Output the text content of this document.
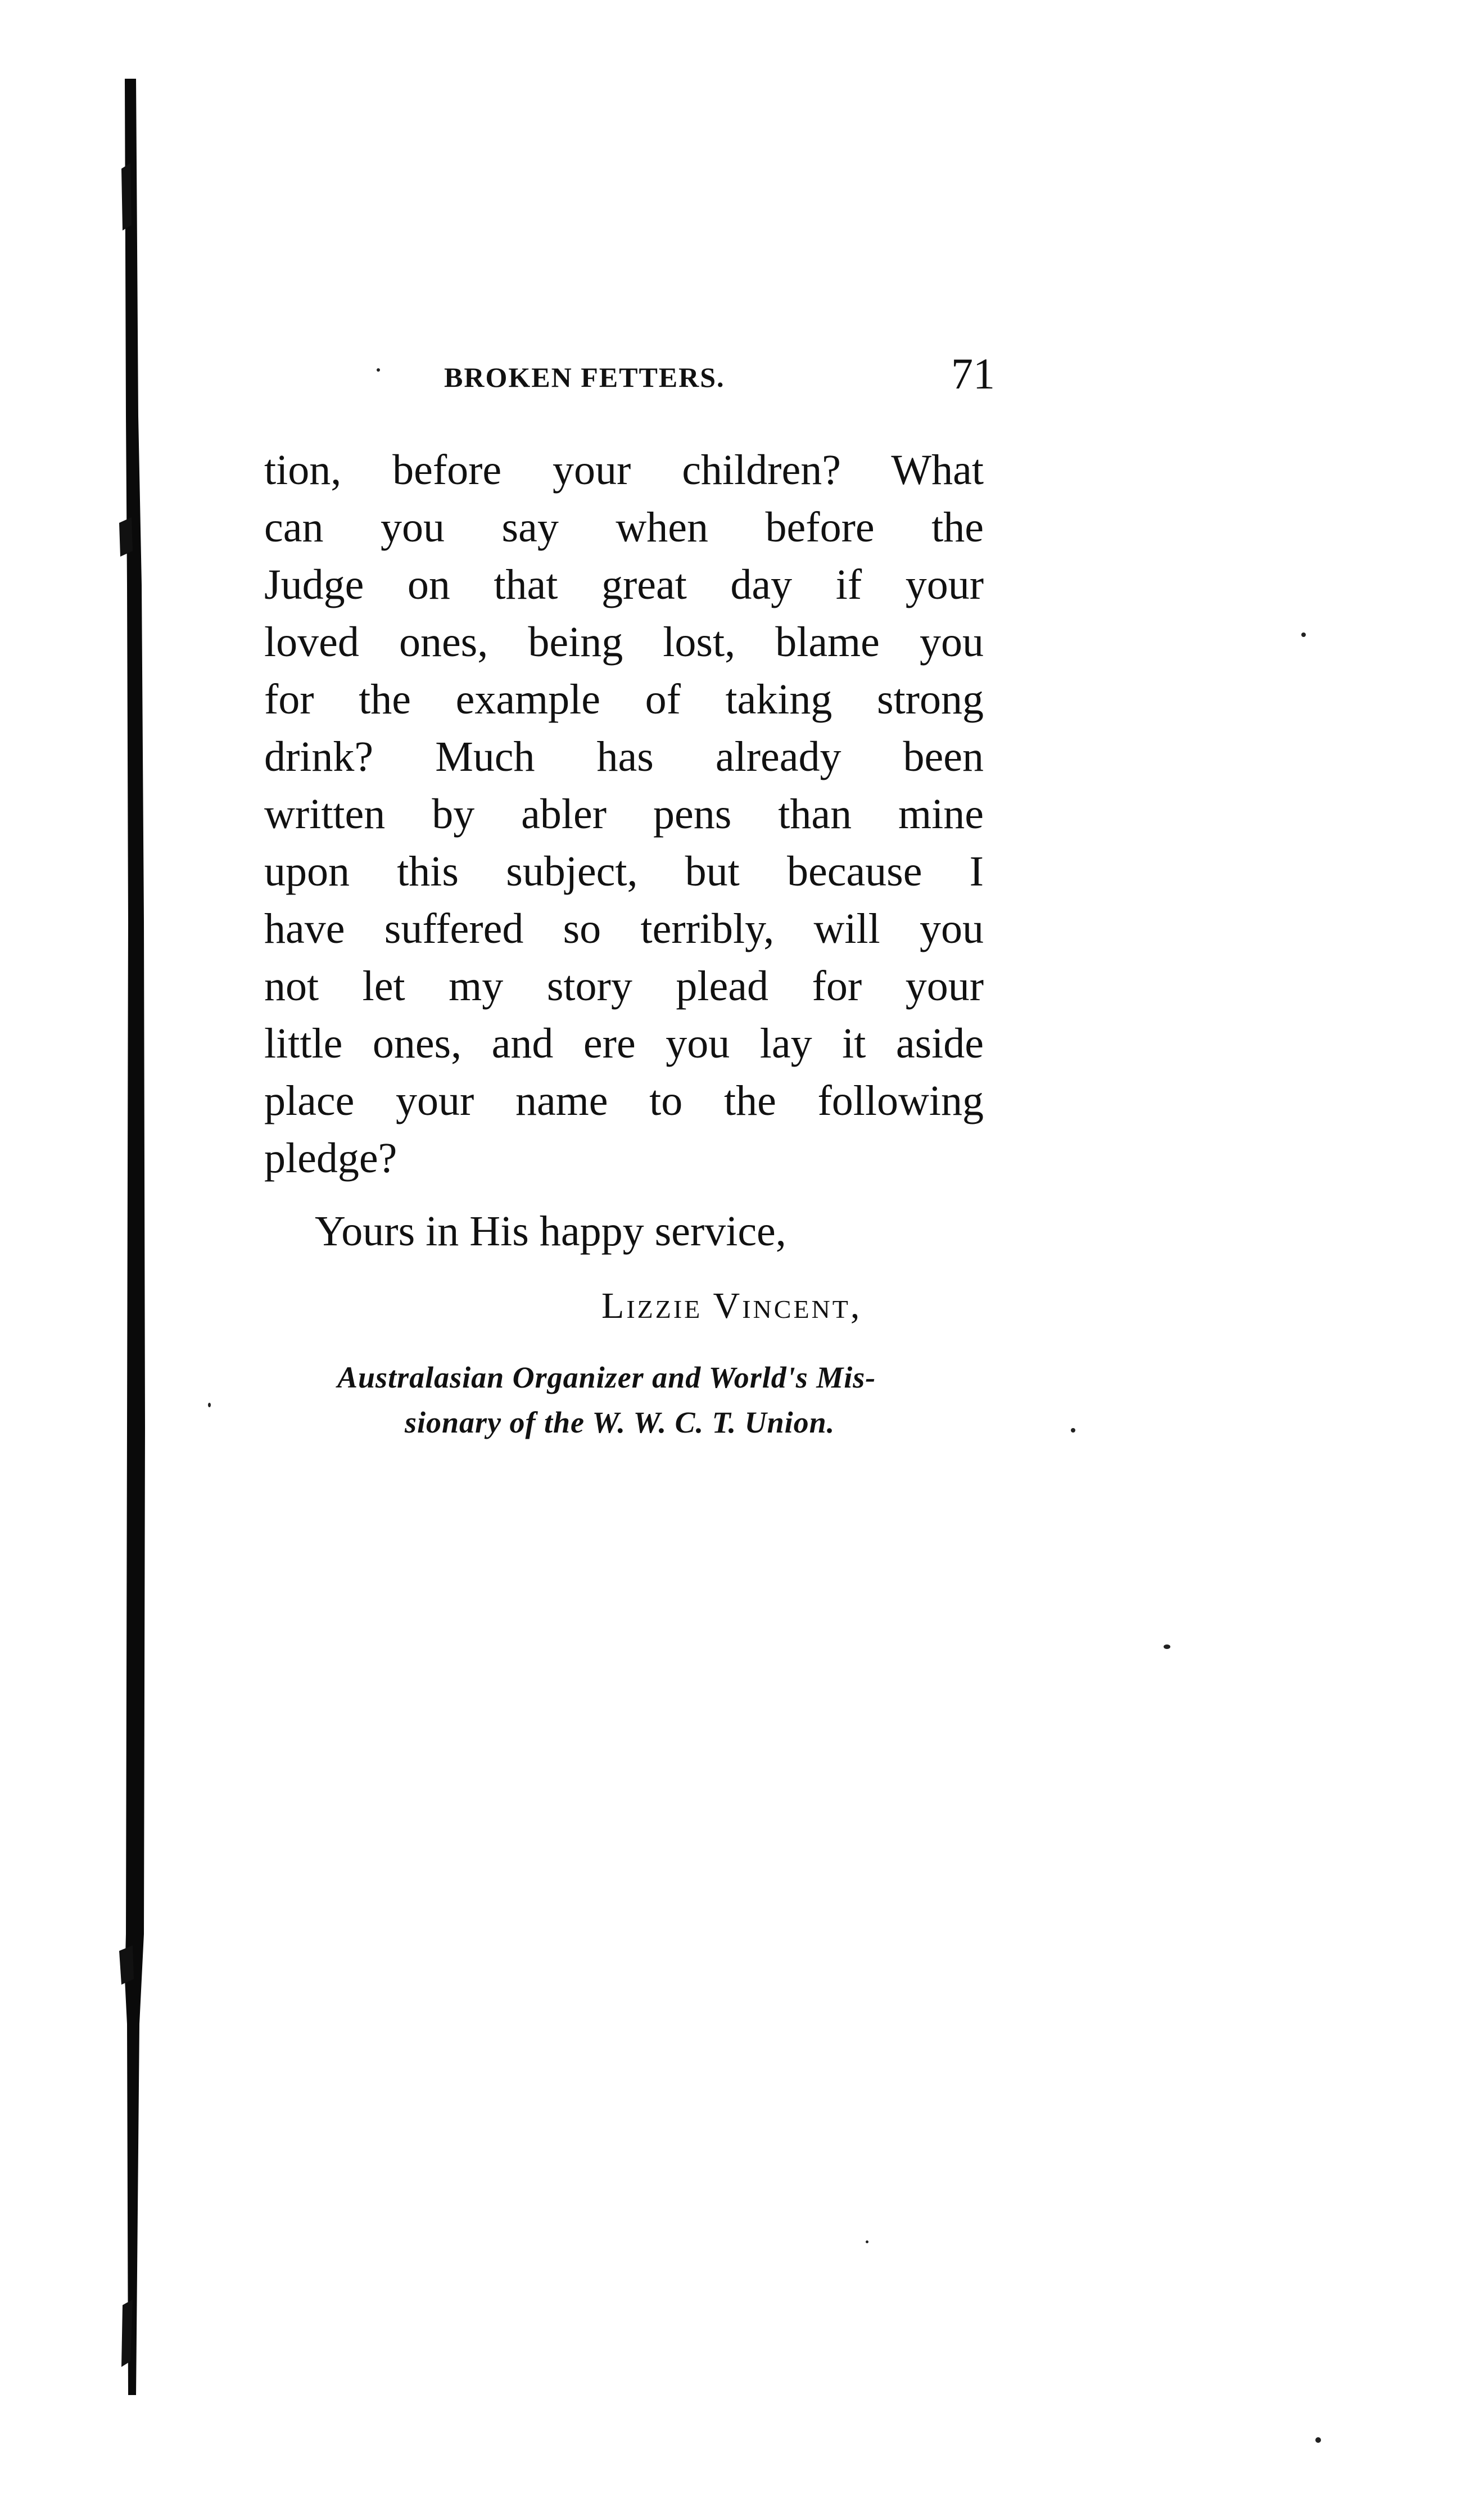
BROKEN FETTERS.	71
tion, before your children? What
can you say when before the
Judge on that great day if your
loved ones, being lost, blame you
for the example of taking strong
drink? Much has already been
written by abler pens than mine
upon this subject, but because I
have suffered so terribly, will you
not let my story plead for your
little ones, and ere you lay it aside
place your name to the following
pledge?
Yours in His happy service,
Lizzie Vincent,
Australasian Organizer and World's Mis-
sionary of the W. W. C. T. Union.
